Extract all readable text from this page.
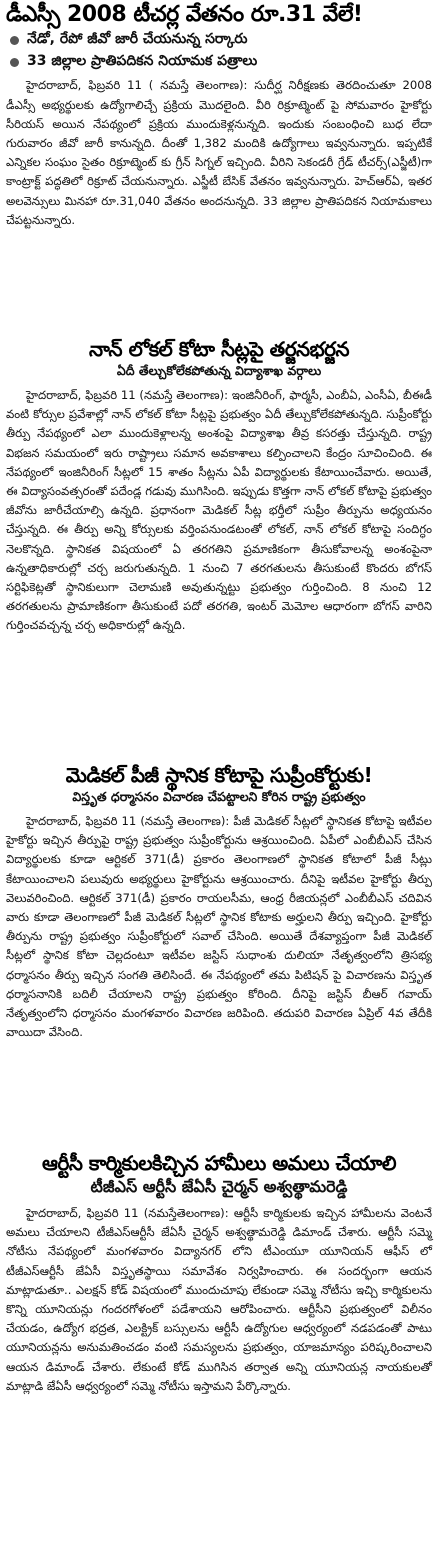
డీఎస్సీ 2008 టీచర్ల వేతనం రూ.31 వేలే!
నేడో, రేపో జీవో జారీ చేయనున్న సర్కారు
33 జిల్లాల ప్రాతిపదికన నియామక పత్రాలు

హైదరాబాద్, ఫిబ్రవరి 11 ( నమస్తే తెలంగాణ): సుదీర్ఘ నిరీక్షణకు తెరదించుతూ 2008 డీఎస్సీ అభ్యర్థులకు ఉద్యోగాలిచ్చే ప్రక్రియ మొదలైంది. వీరి రిక్రూట్మెంట్ పై సోమవారం హైకోర్టు సీరియస్ అయిన నేపథ్యంలో ప్రక్రియ ముందుకెళ్లనున్నది. ఇందుకు సంబంధించి బుధ లేదా గురువారం జీవో జారీ కానున్నది. దీంతో 1,382 మందికి ఉద్యోగాలు ఇవ్వనున్నారు. ఇప్పటికే ఎన్నికల సంఘం సైతం రిక్రూట్మెంట్ కు గ్రీన్ సిగ్నల్ ఇచ్చింది. వీరిని సెకండరీ గ్రేడ్ టీచర్స్(ఎస్జీటీ)గా కాంట్రాక్ట్ పద్ధతిలో రిక్రూట్ చేయనున్నారు. ఎస్జీటీ బేసిక్ వేతనం ఇవ్వనున్నారు. హెచ్ఆర్ఏ, ఇతర అలవెన్సులు మినహా రూ.31,040 వేతనం అందనున్నది. 33 జిల్లాల ప్రాతిపదికన నియామకాలు చేపట్టనున్నారు.

నాన్ లోకల్ కోటా సీట్లపై తర్జనభర్జన
ఏదీ తేల్చుకోలేకపోతున్న విద్యాశాఖ వర్గాలు

హైదరాబాద్, ఫిబ్రవరి 11 (నమస్తే తెలంగాణ): ఇంజినీరింగ్, ఫార్మసీ, ఎంబీఏ, ఎంసీఏ, బీఈడీ వంటి కోర్సుల ప్రవేశాల్లో నాన్ లోకల్ కోటా సీట్లపై ప్రభుత్వం ఏదీ తేల్చుకోలేకపోతున్నది. సుప్రీంకోర్టు తీర్పు నేపథ్యంలో ఎలా ముందుకెళ్లాలన్న అంశంపై విద్యాశాఖ తీవ్ర కసరత్తు చేస్తున్నది. రాష్ట్ర విభజన సమయంలో ఇరు రాష్ట్రాలు సమాన అవకాశాలు కల్పించాలని కేంద్రం సూచించింది. ఈ నేపథ్యంలో ఇంజినీరింగ్ సీట్లలో 15 శాతం సీట్లను ఏపీ విద్యార్థులకు కేటాయించేవారు. అయితే, ఈ విద్యాసంవత్సరంతో పదేండ్ల గడువు ముగిసింది. ఇప్పుడు కొత్తగా నాన్ లోకల్ కోటాపై ప్రభుత్వం జీవోను జారీచేయాల్సి ఉన్నది. ప్రధానంగా మెడికల్ సీట్ల భర్తీలో సుప్రీం తీర్పును అధ్యయనం చేస్తున్నది. ఈ తీర్పు అన్ని కోర్సులకు వర్తింపనుండటంతో లోకల్, నాన్ లోకల్ కోటాపై సందిగ్ధం నెలకొన్నది. స్థానికత విషయంలో ఏ తరగతిని ప్రమాణికంగా తీసుకోవాలన్న అంశంపైనా ఉన్నతాధికారుల్లో చర్చ జరుగుతున్నది. 1 నుంచి 7 తరగతులను తీసుకుంటే కొందరు బోగస్ సర్టిఫికెట్లతో స్థానికులుగా చెలామణి అవుతున్నట్టు ప్రభుత్వం గుర్తించింది. 8 నుంచి 12 తరగతులను ప్రామాణికంగా తీసుకుంటే పదో తరగతి, ఇంటర్ మెమోల ఆధారంగా బోగస్ వారిని గుర్తించవచ్చన్న చర్చ అధికారుల్లో ఉన్నది.

మెడికల్ పీజీ స్థానిక కోటాపై సుప్రీంకోర్టుకు!
విస్తృత ధర్మాసనం విచారణ చేపట్టాలని కోరిన రాష్ట్ర ప్రభుత్వం

హైదరాబాద్, ఫిబ్రవరి 11 (నమస్తే తెలంగాణ): పీజీ మెడికల్ సీట్లలో స్థానికత కోటాపై ఇటీవల హైకోర్టు ఇచ్చిన తీర్పుపై రాష్ట్ర ప్రభుత్వం సుప్రీంకోర్టును ఆశ్రయించింది. ఏపీలో ఎంబీబీఎస్ చేసిన విద్యార్థులకు కూడా ఆర్టికల్ 371(డీ) ప్రకారం తెలంగాణలో స్థానికత కోటాలో పీజీ సీట్లు కేటాయించాలని పలువురు అభ్యర్థులు హైకోర్టును ఆశ్రయించారు. దీనిపై ఇటీవల హైకోర్టు తీర్పు వెలువరించింది. ఆర్టికల్ 371(డీ) ప్రకారం రాయలసీమ, ఆంధ్ర రీజియన్లలో ఎంబీబీఎస్ చదివిన వారు కూడా తెలంగాణలో పీజీ మెడికల్ సీట్లలో స్థానిక కోటాకు అర్హులని తీర్పు ఇచ్చింది. హైకోర్టు తీర్పును రాష్ట్ర ప్రభుత్వం సుప్రీంకోర్టులో సవాల్ చేసింది. అయితే దేశవ్యాప్తంగా పీజీ మెడికల్ సీట్లలో స్థానిక కోటా చెల్లదంటూ ఇటీవల జస్టిస్ సుధాంశు దులియా నేతృత్వంలోని త్రిసభ్య ధర్మాసనం తీర్పు ఇచ్చిన సంగతి తెలిసిందే. ఈ నేపథ్యంలో తమ పిటిషన్ పై విచారణను విస్తృత ధర్మాసనానికి బదిలీ చేయాలని రాష్ట్ర ప్రభుత్వం కోరింది. దీనిపై జస్టిస్ బీఆర్ గవాయ్ నేతృత్వంలోని ధర్మాసనం మంగళవారం విచారణ జరిపింది. తదుపరి విచారణ ఏప్రిల్ 4వ తేదీకి వాయిదా వేసింది.

ఆర్టీసీ కార్మికులకిచ్చిన హామీలు అమలు చేయాలి
టీజీఎస్ ఆర్టీసీ జేఏసీ చైర్మన్ అశ్వత్థామరెడ్డి

హైదరాబాద్, ఫిబ్రవరి 11 (నమస్తేతెలంగాణ): ఆర్టీసీ కార్మికులకు ఇచ్చిన హామీలను వెంటనే అమలు చేయాలని టీజీఎస్ఆర్టీసీ జేఏసీ చైర్మన్ అశ్వత్థామరెడ్డి డిమాండ్ చేశారు. ఆర్టీసీ సమ్మె నోటీసు నేపథ్యంలో మంగళవారం విద్యానగర్ లోని టీఎంయూ యూనియన్ ఆఫీస్ లో టీజీఎస్ఆర్టీసీ జేఏసీ విస్తృతస్థాయి సమావేశం నిర్వహించారు. ఈ సందర్భంగా ఆయన మాట్లాడుతూ.. ఎలక్షన్ కోడ్ విషయంలో ముందుచూపు లేకుండా సమ్మె నోటీసు ఇచ్చి కార్మికులను కొన్ని యూనియన్లు గందరగోళంలో పడేశాయని ఆరోపించారు. ఆర్టీసీని ప్రభుత్వంలో విలీనం చేయడం, ఉద్యోగ భద్రత, ఎలక్ట్రిక్ బస్సులను ఆర్టీసీ ఉద్యోగుల ఆధ్వర్యంలో నడపడంతో పాటు యూనియన్లను అనుమతించడం వంటి సమస్యలను ప్రభుత్వం, యాజమాన్యం పరిష్కరించాలని ఆయన డిమాండ్ చేశారు. లేకుంటే కోడ్ ముగిసిన తర్వాత అన్ని యూనియన్ల నాయకులతో మాట్లాడి జేఏసీ ఆధ్వర్యంలో సమ్మె నోటీసు ఇస్తామని పేర్కొన్నారు.
